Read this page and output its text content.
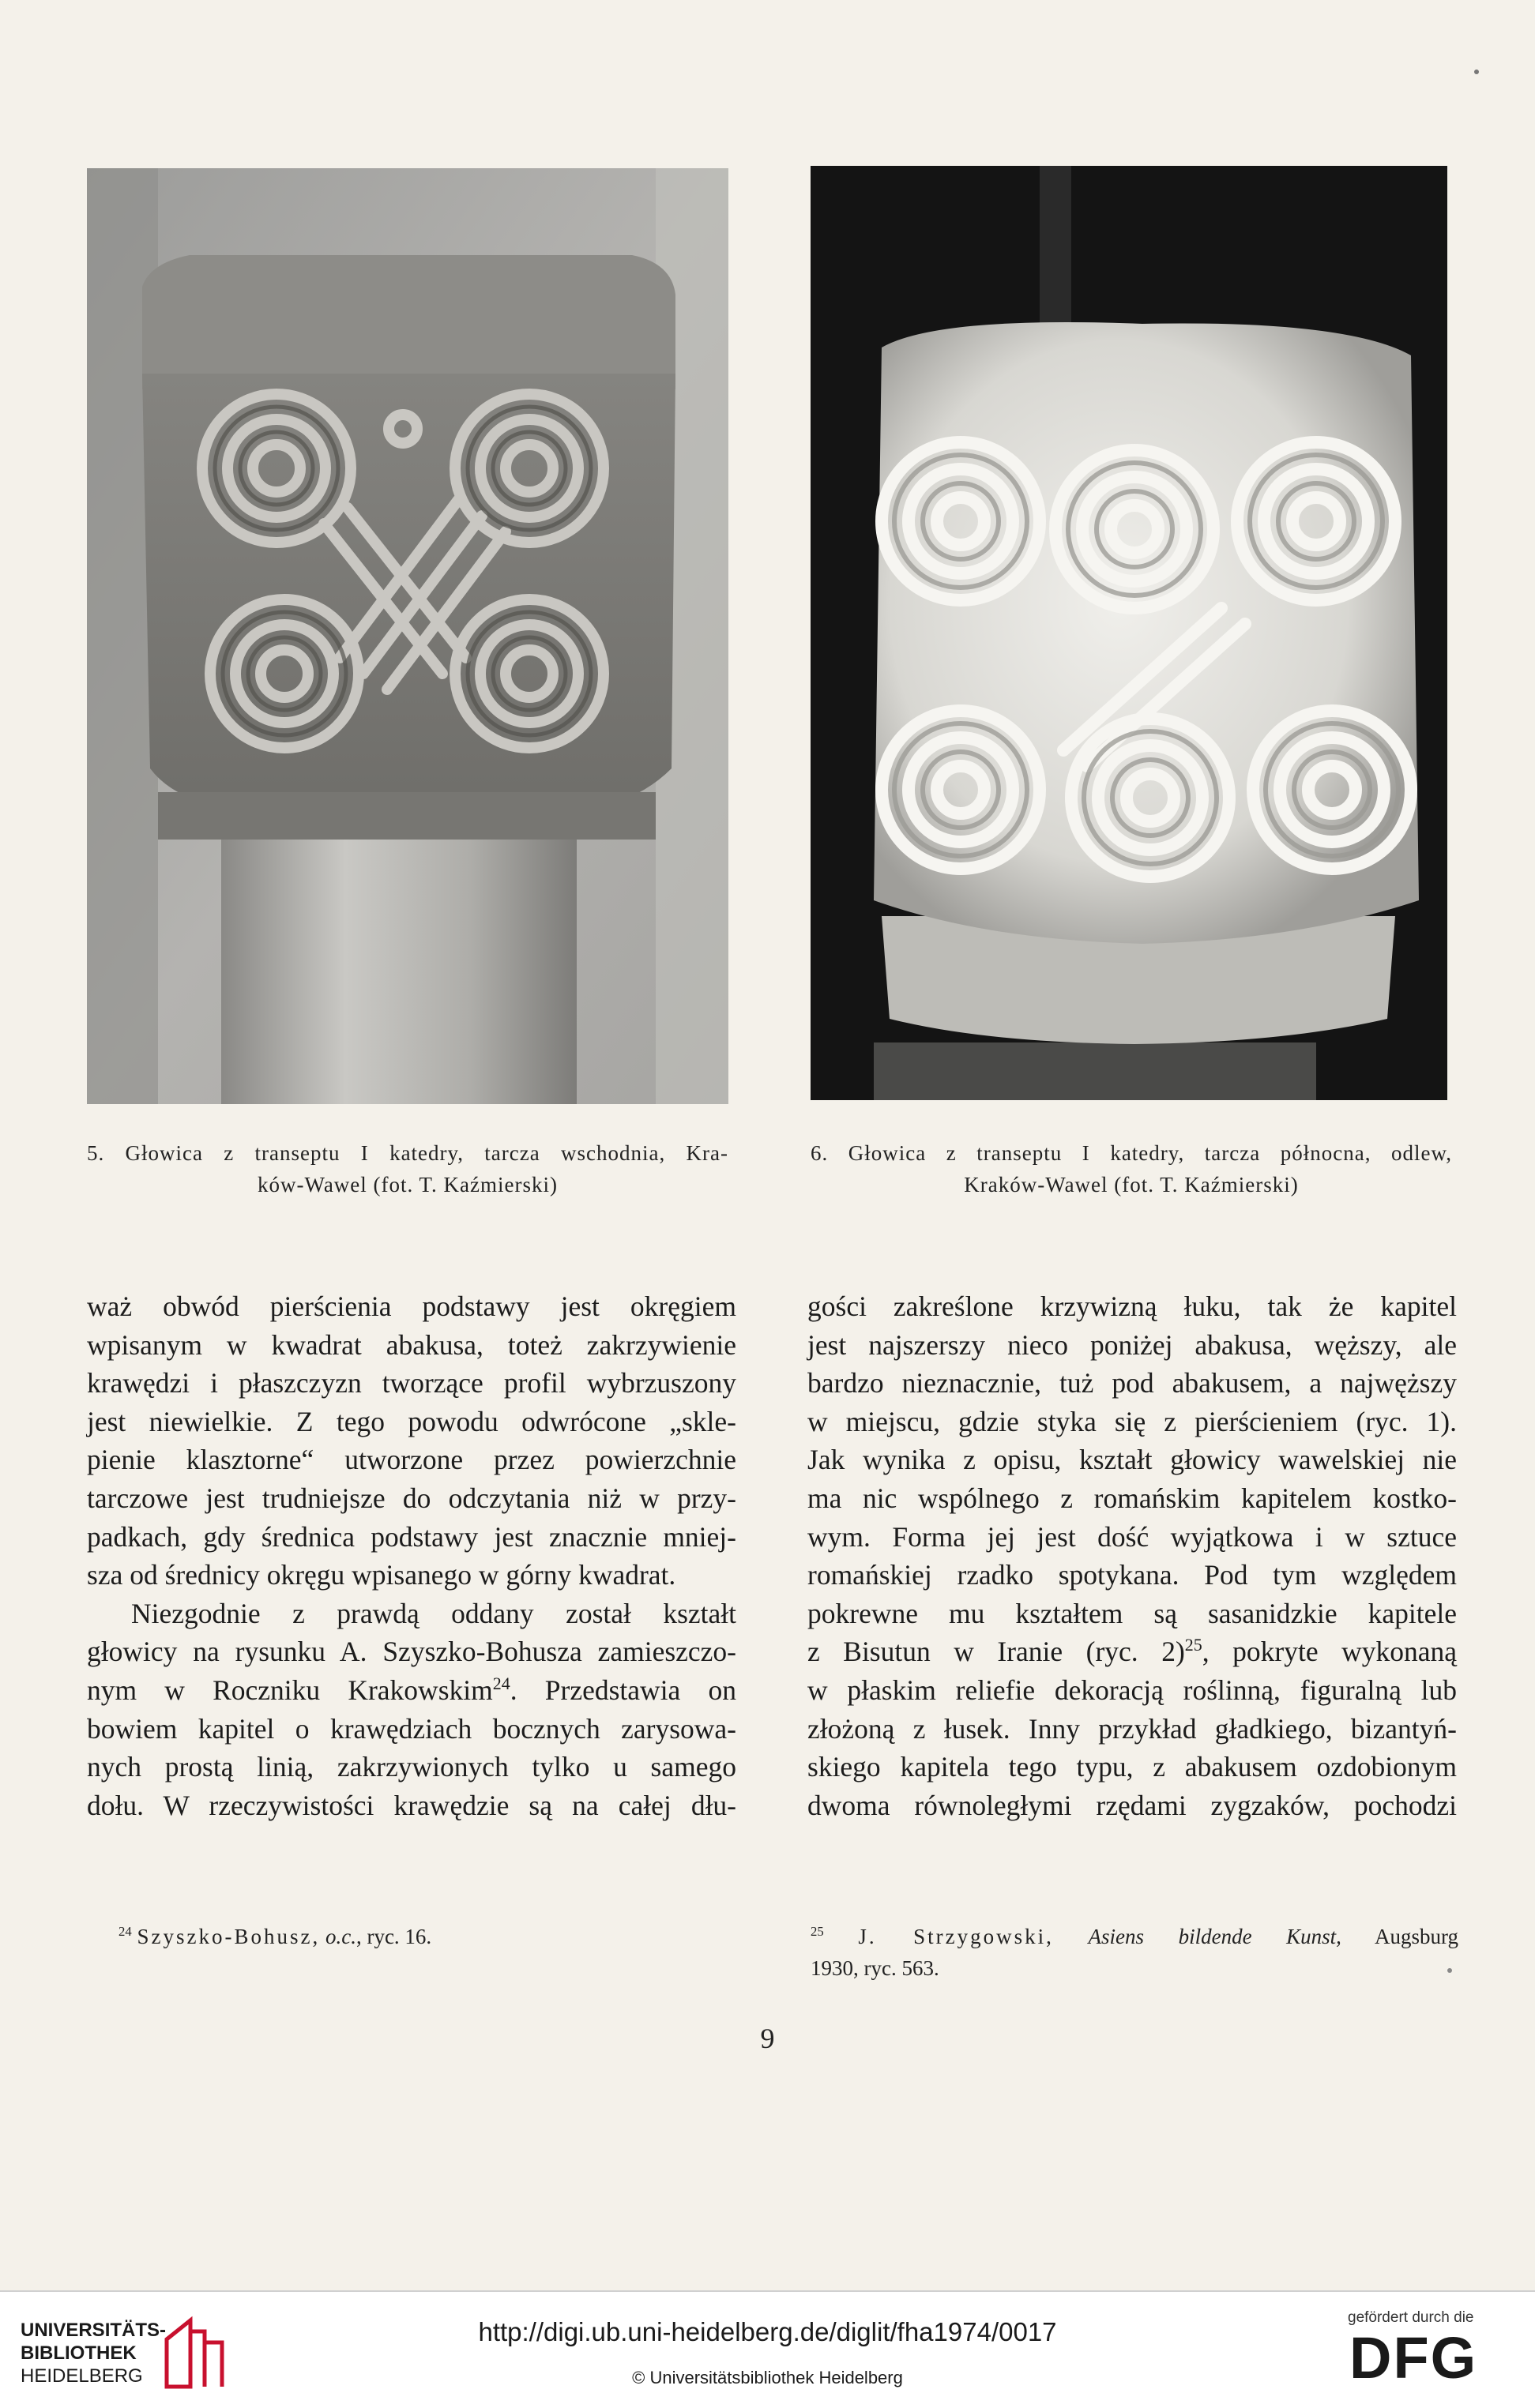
5. Głowica z transeptu I katedry, tarcza wschodnia, Kra-
ków-Wawel (fot. T. Kaźmierski)
6. Głowica z transeptu I katedry, tarcza północna, odlew,
Kraków-Wawel (fot. T. Kaźmierski)
waż obwód pierścienia podstawy jest okręgiem
wpisanym w kwadrat abakusa, toteż zakrzywienie
krawędzi i płaszczyzn tworzące profil wybrzuszony
jest niewielkie. Z tego powodu odwrócone „skle-
pienie klasztorne“ utworzone przez powierzchnie
tarczowe jest trudniejsze do odczytania niż w przy-
padkach, gdy średnica podstawy jest znacznie mniej-
sza od średnicy okręgu wpisanego w górny kwadrat.
Niezgodnie z prawdą oddany został kształt
głowicy na rysunku A. Szyszko-Bohusza zamieszczo-
nym w Roczniku Krakowskim$^{24}$. Przedstawia on
bowiem kapitel o krawędziach bocznych zarysowa-
nych prostą linią, zakrzywionych tylko u samego
dołu. W rzeczywistości krawędzie są na całej dłu-
gości zakreślone krzywizną łuku, tak że kapitel
jest najszerszy nieco poniżej abakusa, węższy, ale
bardzo nieznacznie, tuż pod abakusem, a najwęższy
w miejscu, gdzie styka się z pierścieniem (ryc. 1).
Jak wynika z opisu, kształt głowicy wawelskiej nie
ma nic wspólnego z romańskim kapitelem kostko-
wym. Forma jej jest dość wyjątkowa i w sztuce
romańskiej rzadko spotykana. Pod tym względem
pokrewne mu kształtem są sasanidzkie kapitele
z Bisutun w Iranie (ryc. 2)$^{25}$, pokryte wykonaną
w płaskim reliefie dekoracją roślinną, figuralną lub
złożoną z łusek. Inny przykład gładkiego, bizantyń-
skiego kapitela tego typu, z abakusem ozdobionym
dwoma równoległymi rzędami zygzaków, pochodzi
$^{24}$ Szyszko-Bohusz, o.c., ryc. 16.	$^{25}$ J. Strzygowski, Asiens bildende Kunst, Augsburg
1930, ryc. 563.
9
UNIVERSITÄTS-
BIBLIOTHEK
HEIDELBERG
http://digi.ub.uni-heidelberg.de/diglit/fha1974/0017
© Universitätsbibliothek Heidelberg
gefördert durch die
DFG
